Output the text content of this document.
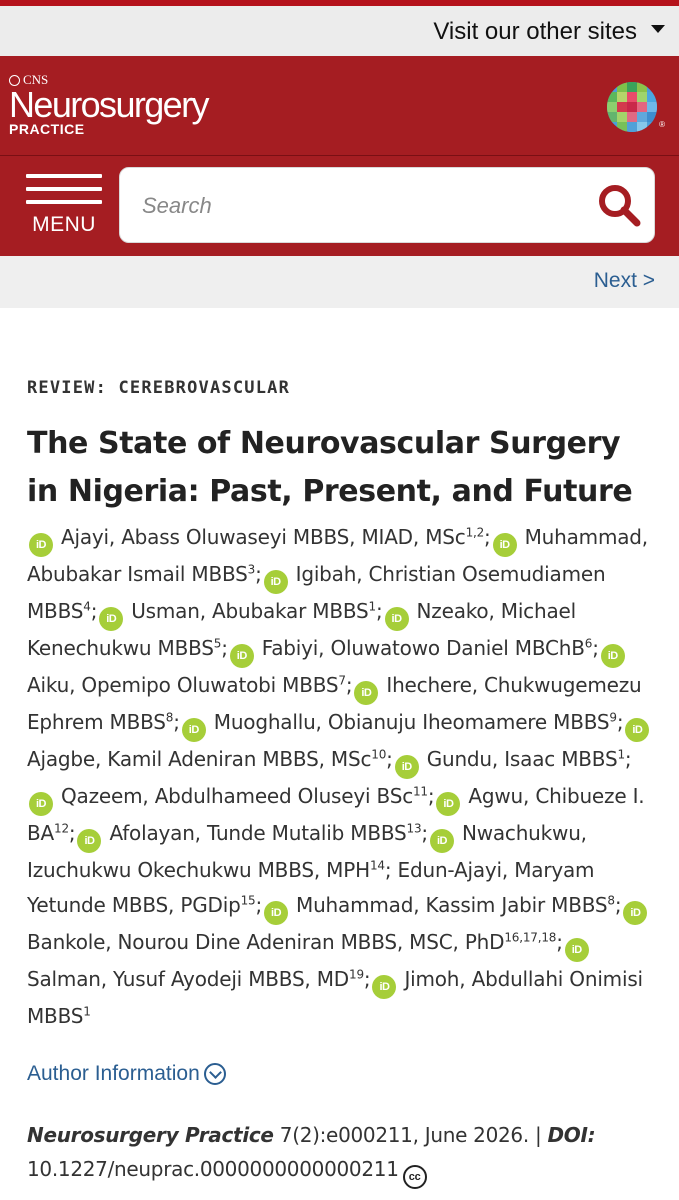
Visit our other sites
CNS
Neurosurgery
PRACTICE	®
MENU
Search
Next >
REVIEW: CEREBROVASCULAR
The State of Neurovascular Surgery in Nigeria: Past, Present, and Future
iD Ajayi, Abass Oluwaseyi MBBS, MIAD, MSc$^{1,2}$; iD Muhammad, Abubakar Ismail MBBS$^3$; iD Igibah, Christian Osemudiamen MBBS$^4$; iD Usman, Abubakar MBBS$^1$; iD Nzeako, Michael Kenechukwu MBBS$^5$; iD Fabiyi, Oluwatowo Daniel MBChB$^6$; iDAiku, Opemipo Oluwatobi MBBS$^7$; iD Ihechere, Chukwugemezu Ephrem MBBS$^8$; iD Muoghallu, Obianuju Iheomamere MBBS$^9$; iDAjagbe, Kamil Adeniran MBBS, MSc$^{10}$; iD Gundu, Isaac MBBS$^1$;iD Qazeem, Abdulhameed Oluseyi BSc$^{11}$; iD Agwu, Chibueze I. BA$^{12}$; iD Afolayan, Tunde Mutalib MBBS$^{13}$; iD Nwachukwu, Izuchukwu Okechukwu MBBS, MPH$^{14}$; Edun-Ajayi, Maryam Yetunde MBBS, PGDip$^{15}$; iD Muhammad, Kassim Jabir MBBS$^8$; iDBankole, Nourou Dine Adeniran MBBS, MSC, PhD$^{16,17,18}$; iDSalman, Yusuf Ayodeji MBBS, MD$^{19}$; iD Jimoh, Abdullahi Onimisi MBBS$^1$
Author Information
Neurosurgery Practice 7(2):e000211, June 2026. | DOI: 10.1227/neuprac.0000000000000211 cc
